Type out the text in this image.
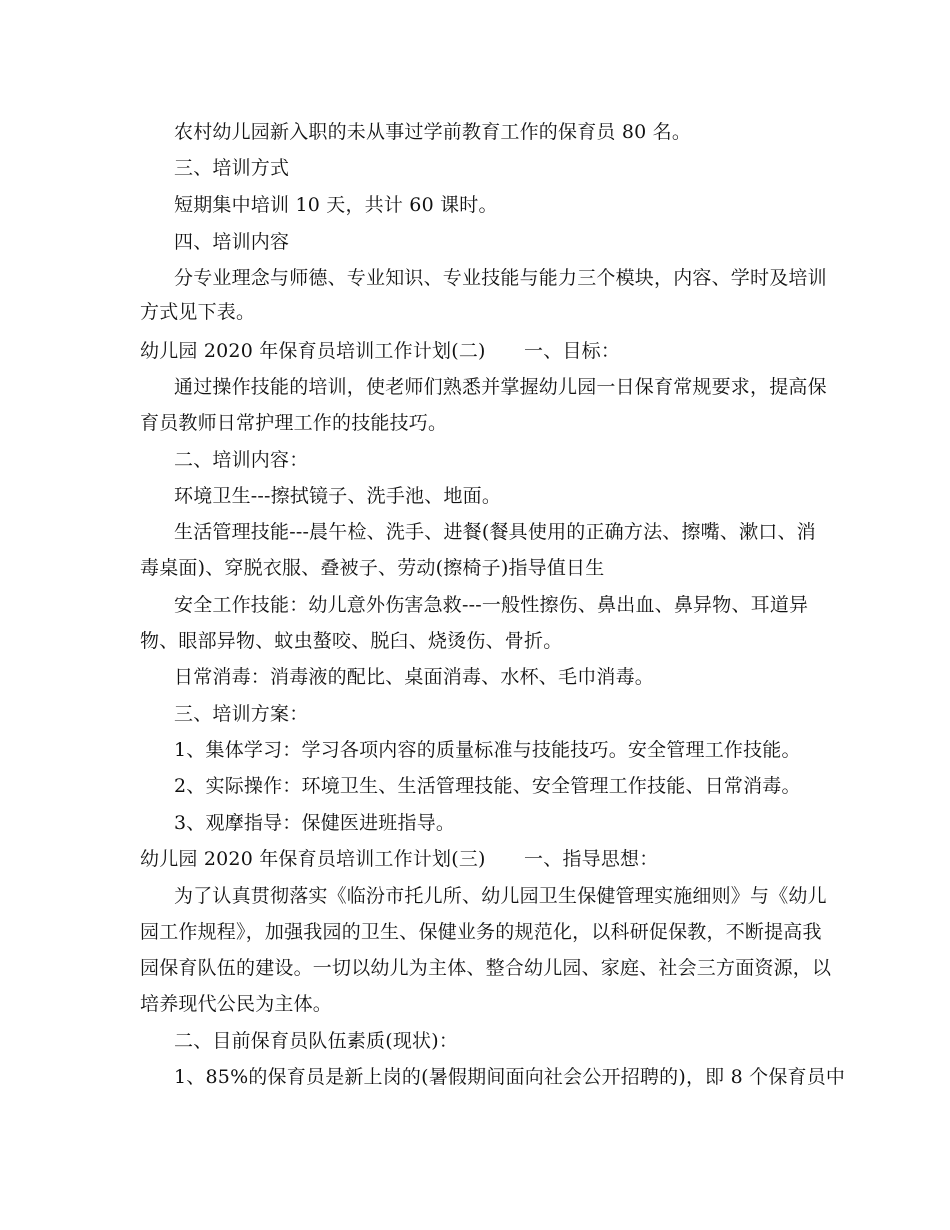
农村幼儿园新入职的未从事过学前教育工作的保育员 80 名。
三、培训方式
短期集中培训 10 天，共计 60 课时。
四、培训内容
分专业理念与师德、专业知识、专业技能与能力三个模块，内容、学时及培训
方式见下表。
幼儿园 2020 年保育员培训工作计划(二)　　一、目标：
通过操作技能的培训，使老师们熟悉并掌握幼儿园一日保育常规要求，提高保
育员教师日常护理工作的技能技巧。
二、培训内容：
环境卫生---擦拭镜子、洗手池、地面。
生活管理技能---晨午检、洗手、进餐(餐具使用的正确方法、擦嘴、漱口、消
毒桌面)、穿脱衣服、叠被子、劳动(擦椅子)指导值日生
安全工作技能：幼儿意外伤害急救---一般性擦伤、鼻出血、鼻异物、耳道异
物、眼部异物、蚊虫螯咬、脱臼、烧烫伤、骨折。
日常消毒：消毒液的配比、桌面消毒、水杯、毛巾消毒。
三、培训方案：
1、集体学习：学习各项内容的质量标准与技能技巧。安全管理工作技能。
2、实际操作：环境卫生、生活管理技能、安全管理工作技能、日常消毒。
3、观摩指导：保健医进班指导。
幼儿园 2020 年保育员培训工作计划(三)　　一、指导思想：
为了认真贯彻落实《临汾市托儿所、幼儿园卫生保健管理实施细则》与《幼儿
园工作规程》，加强我园的卫生、保健业务的规范化，以科研促保教，不断提高我
园保育队伍的建设。一切以幼儿为主体、整合幼儿园、家庭、社会三方面资源，以
培养现代公民为主体。
二、目前保育员队伍素质(现状)：
1、85%的保育员是新上岗的(暑假期间面向社会公开招聘的)，即 8 个保育员中
